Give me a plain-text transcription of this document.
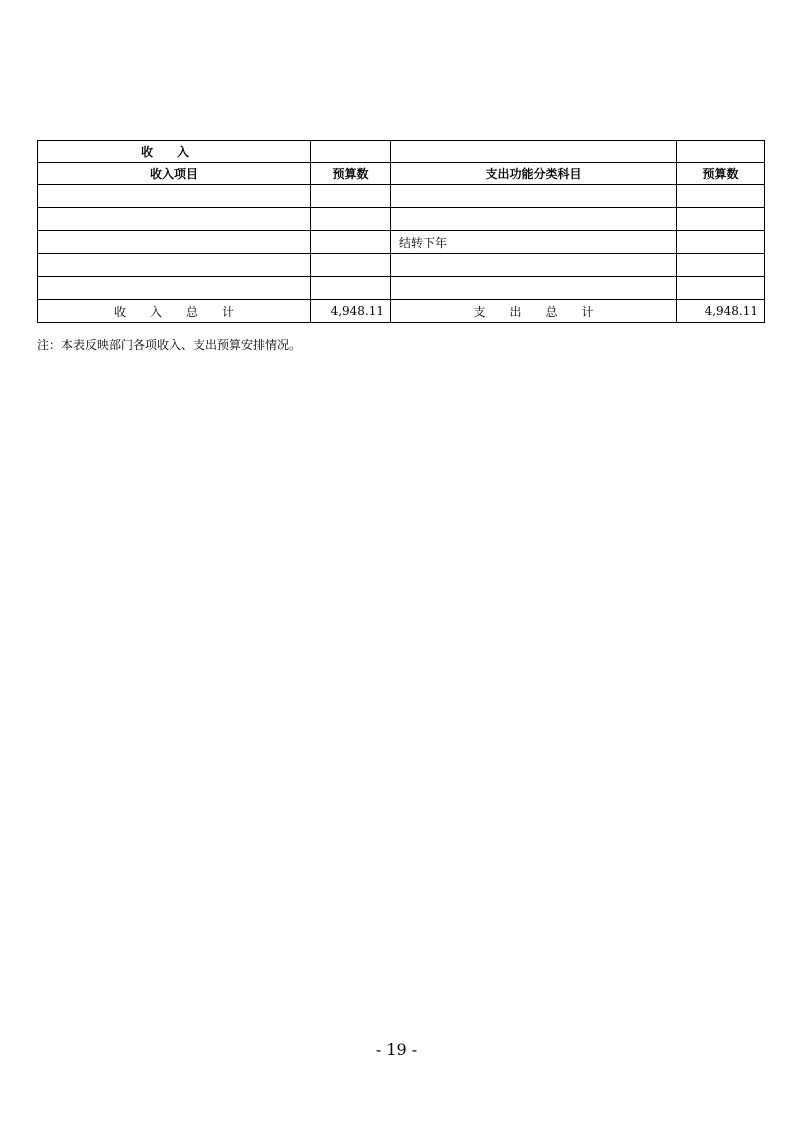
收　　入			
收入项目	预算数	支出功能分类科目	预算数

		结转下年	

收　　入　　总　　计	4,948.11	支　　出　　总　　计	4,948.11
注：本表反映部门各项收入、支出预算安排情况。
- 19 -
